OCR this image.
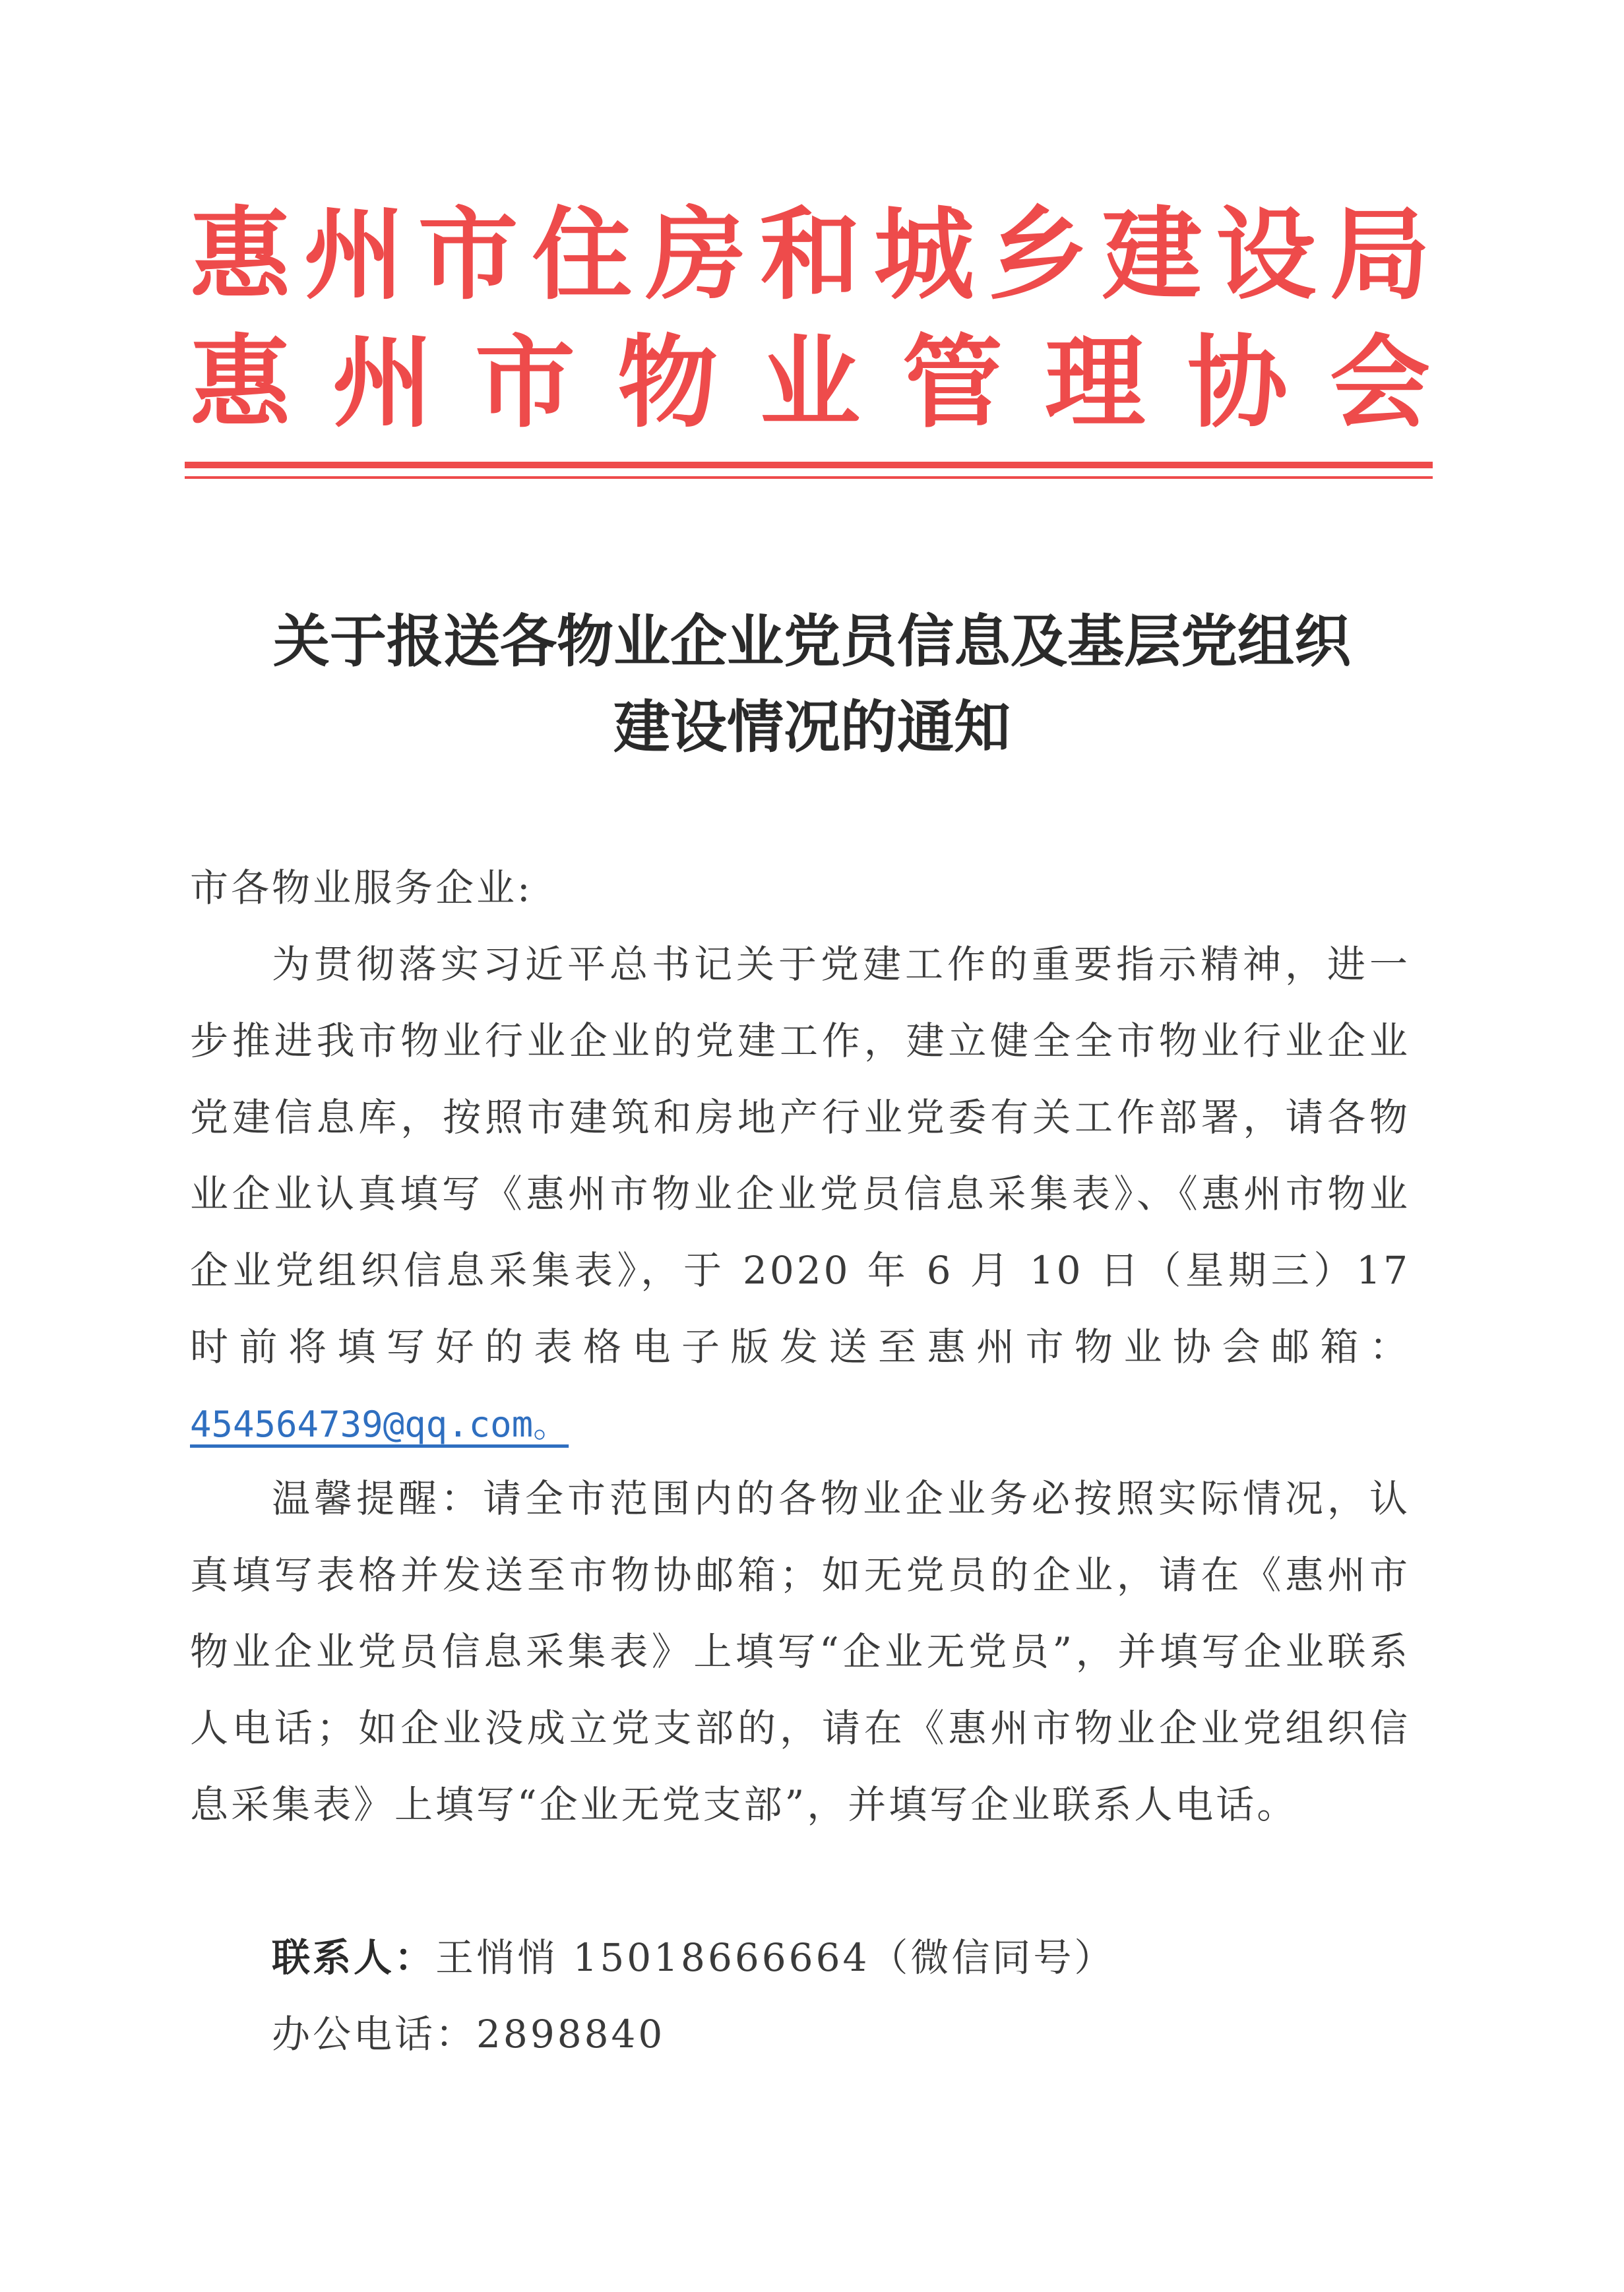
惠州市住房和城乡建设局
惠州市物业管理协会
关于报送各物业企业党员信息及基层党组织
建设情况的通知
市各物业服务企业:
为贯彻落实习近平总书记关于党建工作的重要指示精神，进一步推进我市物业行业企业的党建工作，建立健全全市物业行业企业党建信息库，按照市建筑和房地产行业党委有关工作部署，请各物业企业认真填写《惠州市物业企业党员信息采集表》、《惠州市物业企业党组织信息采集表》，于 2020 年 6 月 10 日（星期三）17 时前将填写好的表格电子版发送至惠州市物业协会邮箱：454564739@qq.com。
温馨提醒：请全市范围内的各物业企业务必按照实际情况，认真填写表格并发送至市物协邮箱；如无党员的企业，请在《惠州市物业企业党员信息采集表》上填写“企业无党员”，并填写企业联系人电话；如企业没成立党支部的，请在《惠州市物业企业党组织信息采集表》上填写“企业无党支部”，并填写企业联系人电话。
联系人：王悄悄 15018666664（微信同号）
办公电话：2898840
